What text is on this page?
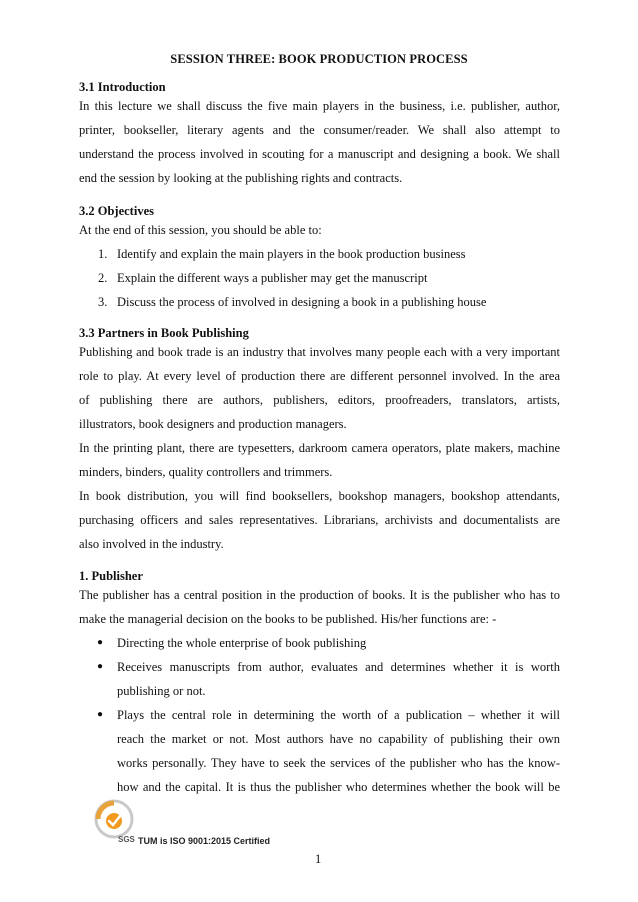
SESSION THREE: BOOK PRODUCTION PROCESS
3.1 Introduction
In this lecture we shall discuss the five main players in the business, i.e. publisher, author,
printer, bookseller, literary agents and the consumer/reader. We shall also attempt to
understand the process involved in scouting for a manuscript and designing a book. We shall
end the session by looking at the publishing rights and contracts.
3.2 Objectives
At the end of this session, you should be able to:
1. Identify and explain the main players in the book production business
2. Explain the different ways a publisher may get the manuscript
3. Discuss the process of involved in designing a book in a publishing house
3.3 Partners in Book Publishing
Publishing and book trade is an industry that involves many people each with a very important
role to play. At every level of production there are different personnel involved. In the area
of publishing there are authors, publishers, editors, proofreaders, translators, artists,
illustrators, book designers and production managers.
In the printing plant, there are typesetters, darkroom camera operators, plate makers, machine
minders, binders, quality controllers and trimmers.
In book distribution, you will find booksellers, bookshop managers, bookshop attendants,
purchasing officers and sales representatives. Librarians, archivists and documentalists are
also involved in the industry.
1. Publisher
The publisher has a central position in the production of books. It is the publisher who has to
make the managerial decision on the books to be published. His/her functions are: -
● Directing the whole enterprise of book publishing
● Receives manuscripts from author, evaluates and determines whether it is worth
publishing or not.
● Plays the central role in determining the worth of a publication – whether it will
reach the market or not. Most authors have no capability of publishing their own
works personally. They have to seek the services of the publisher who has the know-
how and the capital. It is thus the publisher who determines whether the book will be
SGS TUM is ISO 9001:2015 Certified
1
